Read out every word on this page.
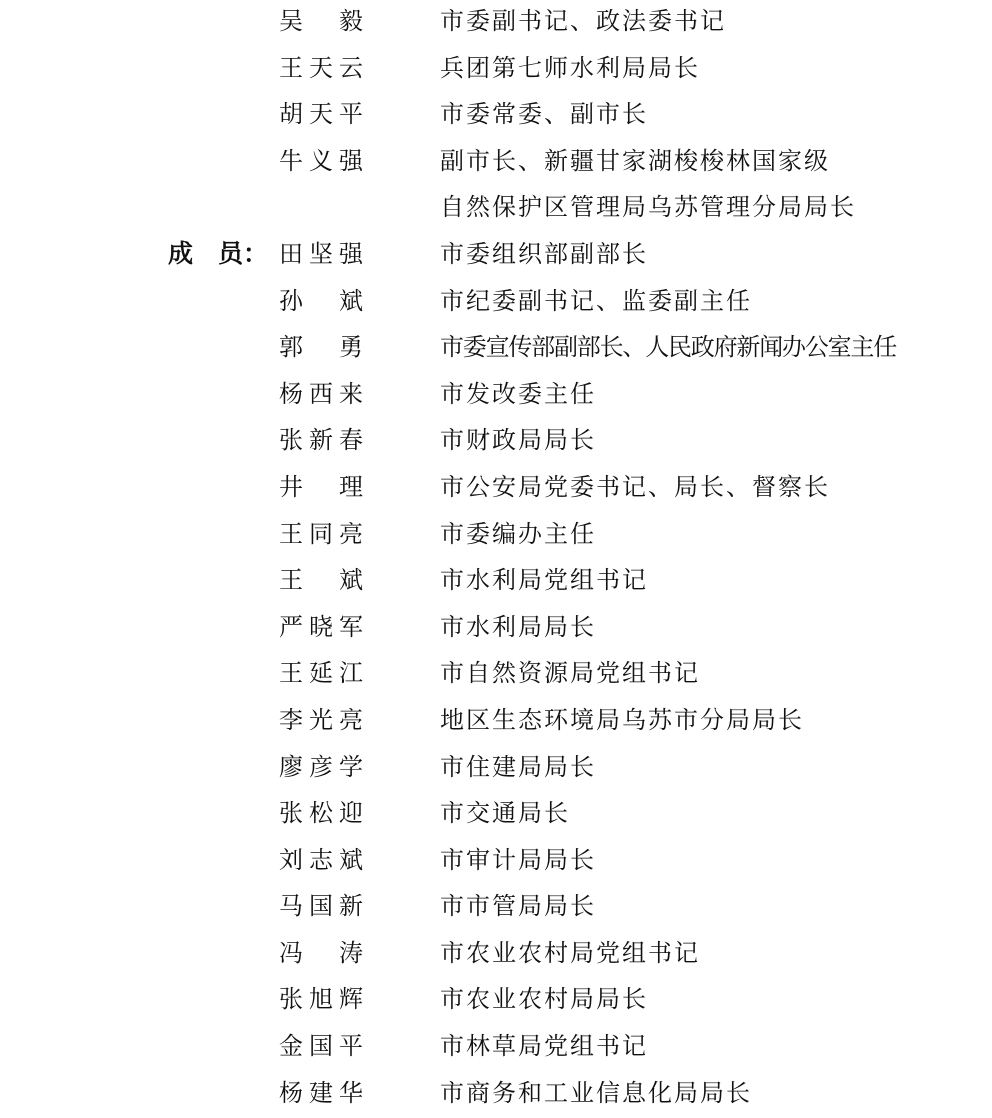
吴　毅	市委副书记、政法委书记
王天云	兵团第七师水利局局长
胡天平	市委常委、副市长
牛义强	副市长、新疆甘家湖梭梭林国家级
自然保护区管理局乌苏管理分局局长
成　员： 田坚强	市委组织部副部长
孙　斌	市纪委副书记、监委副主任
郭　勇	市委宣传部副部长、人民政府新闻办公室主任
杨西来	市发改委主任
张新春	市财政局局长
井　理	市公安局党委书记、局长、督察长
王同亮	市委编办主任
王　斌	市水利局党组书记
严晓军	市水利局局长
王延江	市自然资源局党组书记
李光亮	地区生态环境局乌苏市分局局长
廖彦学	市住建局局长
张松迎	市交通局长
刘志斌	市审计局局长
马国新	市市管局局长
冯　涛	市农业农村局党组书记
张旭辉	市农业农村局局长
金国平	市林草局党组书记
杨建华	市商务和工业信息化局局长
